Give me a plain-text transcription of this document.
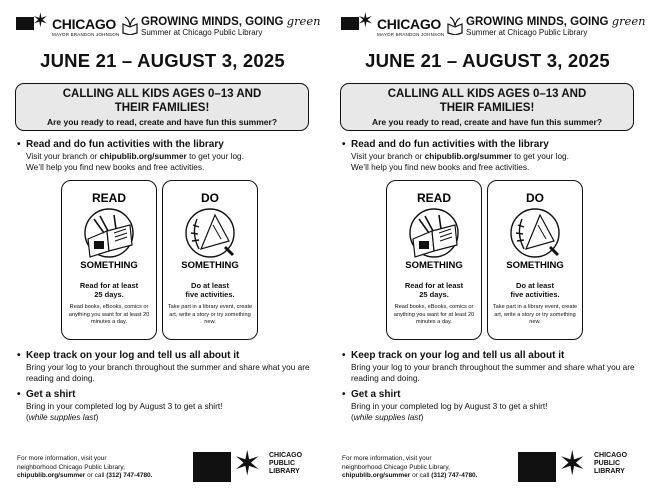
✶ CHICAGO
MAYOR BRANDON JOHNSON
GROWING MINDS, GOING green
Summer at Chicago Public Library
JUNE 21 – AUGUST 3, 2025
CALLING ALL KIDS AGES 0–13 AND THEIR FAMILIES!
Are you ready to read, create and have fun this summer?
• Read and do fun activities with the library
Visit your branch or chipublib.org/summer to get your log.
We’ll help you find new books and free activities.
READ
SOMETHING
Read for at least
25 days.
Read books, eBooks, comics or anything you want for at least 20 minutes a day.
DO
SOMETHING
Do at least
five activities.
Take part in a library event, create art, write a story or try something new.
• Keep track on your log and tell us all about it
Bring your log to your branch throughout the summer and share what you are reading and doing.
• Get a shirt
Bring in your completed log by August 3 to get a shirt!
(while supplies last)
For more information, visit your
neighborhood Chicago Public Library,
chipublib.org/summer or call (312) 747-4780.	✶ CHICAGO
PUBLIC
LIBRARY
✶ CHICAGO
MAYOR BRANDON JOHNSON
GROWING MINDS, GOING green
Summer at Chicago Public Library
JUNE 21 – AUGUST 3, 2025
CALLING ALL KIDS AGES 0–13 AND THEIR FAMILIES!
Are you ready to read, create and have fun this summer?
• Read and do fun activities with the library
Visit your branch or chipublib.org/summer to get your log.
We’ll help you find new books and free activities.
READ
SOMETHING
Read for at least
25 days.
Read books, eBooks, comics or anything you want for at least 20 minutes a day.
DO
SOMETHING
Do at least
five activities.
Take part in a library event, create art, write a story or try something new.
• Keep track on your log and tell us all about it
Bring your log to your branch throughout the summer and share what you are reading and doing.
• Get a shirt
Bring in your completed log by August 3 to get a shirt!
(while supplies last)
For more information, visit your
neighborhood Chicago Public Library,
chipublib.org/summer or call (312) 747-4780.	✶ CHICAGO
PUBLIC
LIBRARY
